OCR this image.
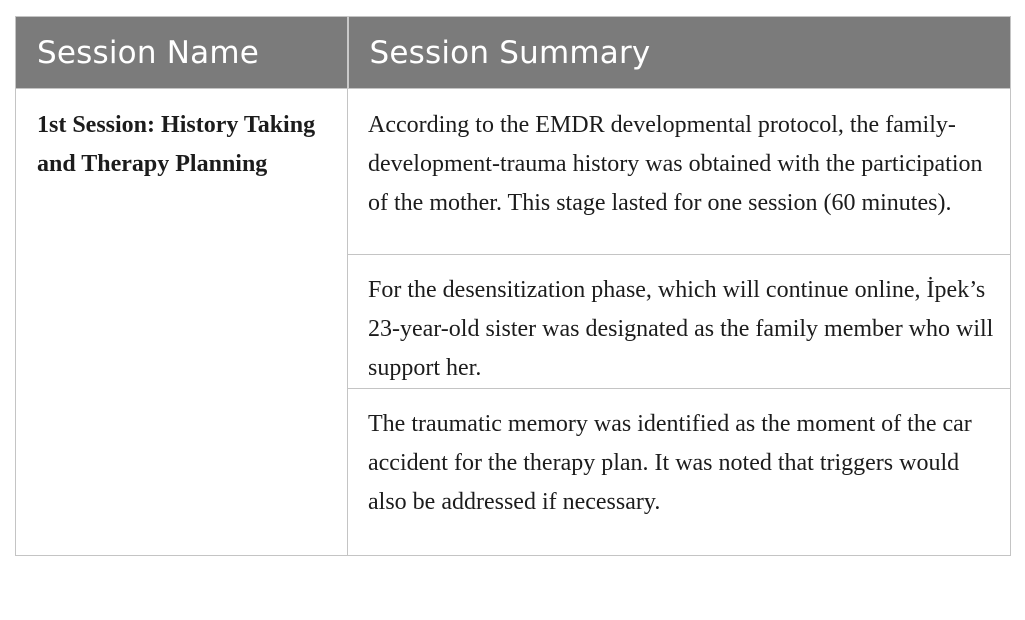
Session Name	Session Summary
1st Session: History Taking and Therapy Planning	According to the EMDR developmental protocol, the family-development-trauma history was obtained with the participation of the mother. This stage lasted for one session (60 minutes).
	For the desensitization phase, which will continue online, İpek’s 23-year-old sister was designated as the family member who will support her.
	The traumatic memory was identified as the moment of the car accident for the therapy plan. It was noted that triggers would also be addressed if necessary.
